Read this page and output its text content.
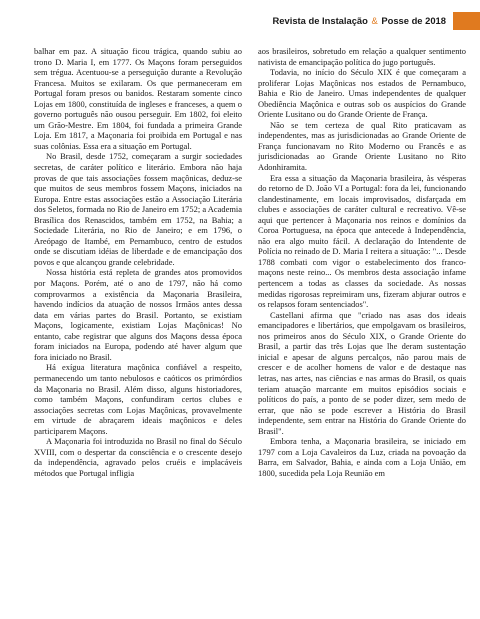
Revista de Instalação & Posse de 2018

balhar em paz. A situação ficou trágica, quando subiu ao trono D. Maria I, em 1777. Os Maçons foram perseguidos sem trégua. Acentuou-se a perseguição durante a Revolução Francesa. Muitos se exilaram. Os que permaneceram em Portugal foram presos ou banidos. Restaram somente cinco Lojas em 1800, constituída de ingleses e franceses, a quem o governo português não ousou perseguir. Em 1802, foi eleito um Grão-Mestre. Em 1804, foi fundada a primeira Grande Loja. Em 1817, a Maçonaria foi proibida em Portugal e nas suas colônias. Essa era a situação em Portugal.

No Brasil, desde 1752, começaram a surgir sociedades secretas, de caráter político e literário. Embora não haja provas de que tais associações fossem maçônicas, deduz-se que muitos de seus membros fossem Maçons, iniciados na Europa. Entre estas associações estão a Associação Literária dos Seletos, formada no Rio de Janeiro em 1752; a Academia Brasílica dos Renascidos, também em 1752, na Bahia; a Sociedade Literária, no Rio de Janeiro; e em 1796, o Areópago de Itambé, em Pernambuco, centro de estudos onde se discutiam idéias de liberdade e de emancipação dos povos e que alcançou grande celebridade.

Nossa história está repleta de grandes atos promovidos por Maçons. Porém, até o ano de 1797, não há como comprovarmos a existência da Maçonaria Brasileira, havendo indícios da atuação de nossos Irmãos antes dessa data em várias partes do Brasil. Portanto, se existiam Maçons, logicamente, existiam Lojas Maçônicas! No entanto, cabe registrar que alguns dos Maçons dessa época foram iniciados na Europa, podendo até haver algum que fora iniciado no Brasil.

Há exígua literatura maçônica confiável a respeito, permanecendo um tanto nebulosos e caóticos os primórdios da Maçonaria no Brasil. Além disso, alguns historiadores, como também Maçons, confundiram certos clubes e associações secretas com Lojas Maçônicas, provavelmente em virtude de abraçarem ideais maçônicos e deles participarem Maçons.

A Maçonaria foi introduzida no Brasil no final do Século XVIII, com o despertar da consciência e o crescente desejo da independência, agravado pelos cruéis e implacáveis métodos que Portugal infligia

aos brasileiros, sobretudo em relação a qualquer sentimento nativista de emancipação política do jugo português.

Todavia, no início do Século XIX é que começaram a proliferar Lojas Maçônicas nos estados de Pernambuco, Bahia e Rio de Janeiro. Umas independentes de qualquer Obediência Maçônica e outras sob os auspícios do Grande Oriente Lusitano ou do Grande Oriente de França.

Não se tem certeza de qual Rito praticavam as independentes, mas as jurisdicionadas ao Grande Oriente de França funcionavam no Rito Moderno ou Francês e as jurisdicionadas ao Grande Oriente Lusitano no Rito Adonhiramita.

Era essa a situação da Maçonaria brasileira, às vésperas do retorno de D. João VI a Portugal: fora da lei, funcionando clandestinamente, em locais improvisados, disfarçada em clubes e associações de caráter cultural e recreativo. Vê-se aqui que pertencer à Maçonaria nos reinos e domínios da Coroa Portuguesa, na época que antecede à Independência, não era algo muito fácil. A declaração do Intendente de Polícia no reinado de D. Maria I reitera a situação: "... Desde 1788 combati com vigor o estabelecimento dos franco-maçons neste reino... Os membros desta associação infame pertencem a todas as classes da sociedade. As nossas medidas rigorosas repreimiram uns, fizeram abjurar outros e os relapsos foram sentenciados".

Castellani afirma que "criado nas asas dos ideais emancipadores e libertários, que empolgavam os brasileiros, nos primeiros anos do Século XIX, o Grande Oriente do Brasil, a partir das três Lojas que lhe deram sustentação inicial e apesar de alguns percalços, não parou mais de crescer e de acolher homens de valor e de destaque nas letras, nas artes, nas ciências e nas armas do Brasil, os quais teriam atuação marcante em muitos episódios sociais e políticos do país, a ponto de se poder dizer, sem medo de errar, que não se pode escrever a História do Brasil independente, sem entrar na História do Grande Oriente do Brasil".

Embora tenha, a Maçonaria brasileira, se iniciado em 1797 com a Loja Cavaleiros da Luz, criada na povoação da Barra, em Salvador, Bahia, e ainda com a Loja União, em 1800, sucedida pela Loja Reunião em
